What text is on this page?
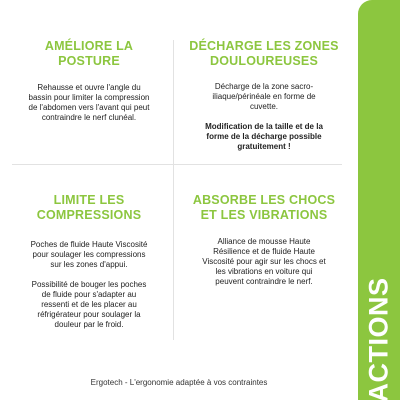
ACTIONS
AMÉLIORE LA
POSTURE

Rehausse et ouvre l'angle du
bassin pour limiter la compression
de l'abdomen vers l'avant qui peut
contraindre le nerf clunéal.

DÉCHARGE LES ZONES
DOULOUREUSES

Décharge de la zone sacro-
iliaque/périnéale en forme de
cuvette.

Modification de la taille et de la
forme de la décharge possible
gratuitement !

LIMITE LES
COMPRESSIONS

Poches de fluide Haute Viscosité
pour soulager les compressions
sur les zones d'appui.

Possibilité de bouger les poches
de fluide pour s'adapter au
ressenti et de les placer au
réfrigérateur pour soulager la
douleur par le froid.

ABSORBE LES CHOCS
ET LES VIBRATIONS

Alliance de mousse Haute
Résilience et de fluide Haute
Viscosité pour agir sur les chocs et
les vibrations en voiture qui
peuvent contraindre le nerf.

Ergotech - L'ergonomie adaptée à vos contraintes
